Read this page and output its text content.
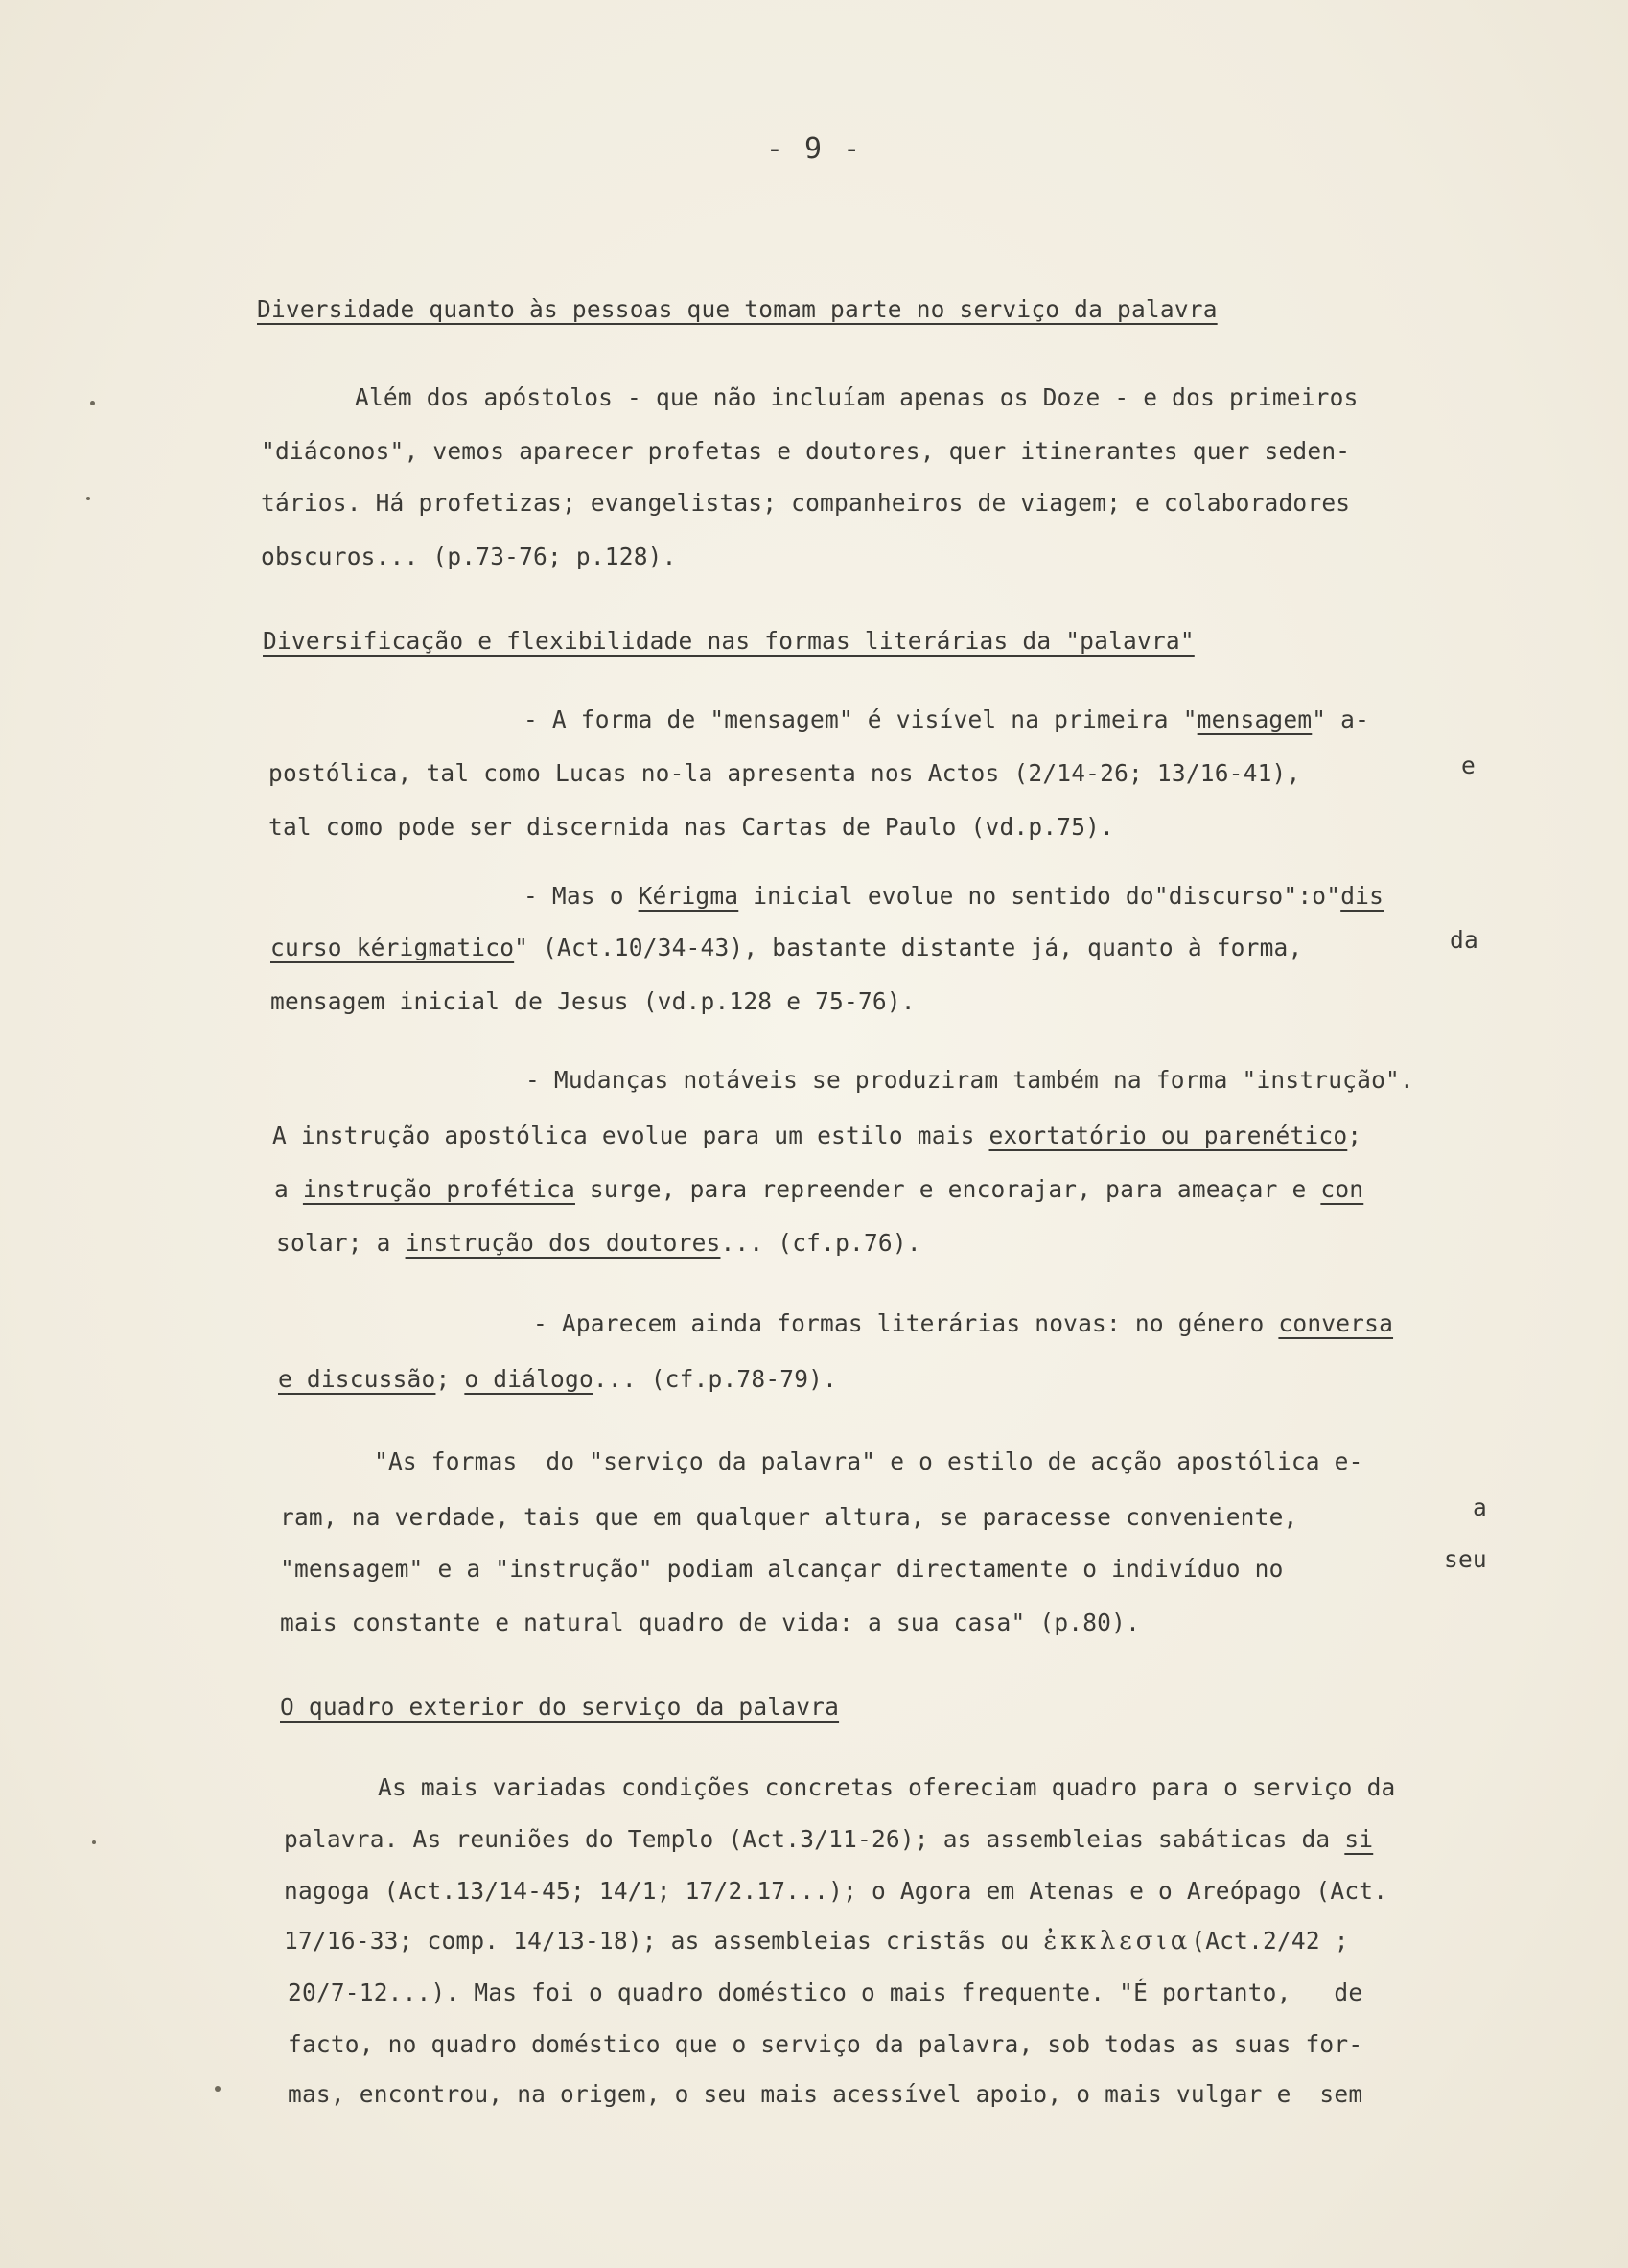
- 9 -
Diversidade quanto às pessoas que tomam parte no serviço da palavra
Além dos apóstolos - que não incluíam apenas os Doze - e dos primeiros
"diáconos", vemos aparecer profetas e doutores, quer itinerantes quer seden-
tários. Há profetizas; evangelistas; companheiros de viagem; e colaboradores
obscuros... (p.73-76; p.128).
Diversificação e flexibilidade nas formas literárias da "palavra"
- A forma de "mensagem" é visível na primeira "mensagem" a-
postólica, tal como Lucas no-la apresenta nos Actos (2/14-26; 13/16-41),	e
tal como pode ser discernida nas Cartas de Paulo (vd.p.75).
- Mas o Kérigma inicial evolue no sentido do"discurso":o"dis
curso kérigmatico" (Act.10/34-43), bastante distante já, quanto à forma,	da
mensagem inicial de Jesus (vd.p.128 e 75-76).
- Mudanças notáveis se produziram também na forma "instrução".
A instrução apostólica evolue para um estilo mais exortatório ou parenético;
a instrução profética surge, para repreender e encorajar, para ameaçar e con
solar; a instrução dos doutores... (cf.p.76).
- Aparecem ainda formas literárias novas: no género conversa
e discussão; o diálogo... (cf.p.78-79).
"As formas  do "serviço da palavra" e o estilo de acção apostólica e-
ram, na verdade, tais que em qualquer altura, se paracesse conveniente,	a
"mensagem" e a "instrução" podiam alcançar directamente o indivíduo no	seu
mais constante e natural quadro de vida: a sua casa" (p.80).
O quadro exterior do serviço da palavra
As mais variadas condições concretas ofereciam quadro para o serviço da
palavra. As reuniões do Templo (Act.3/11-26); as assembleias sabáticas da si
nagoga (Act.13/14-45; 14/1; 17/2.17...); o Agora em Atenas e o Areópago (Act.
17/16-33; comp. 14/13-18); as assembleias cristãs ou ἐκκλεσια(Act.2/42 ;
20/7-12...). Mas foi o quadro doméstico o mais frequente. "É portanto,   de
facto, no quadro doméstico que o serviço da palavra, sob todas as suas for-
mas, encontrou, na origem, o seu mais acessível apoio, o mais vulgar e  sem
